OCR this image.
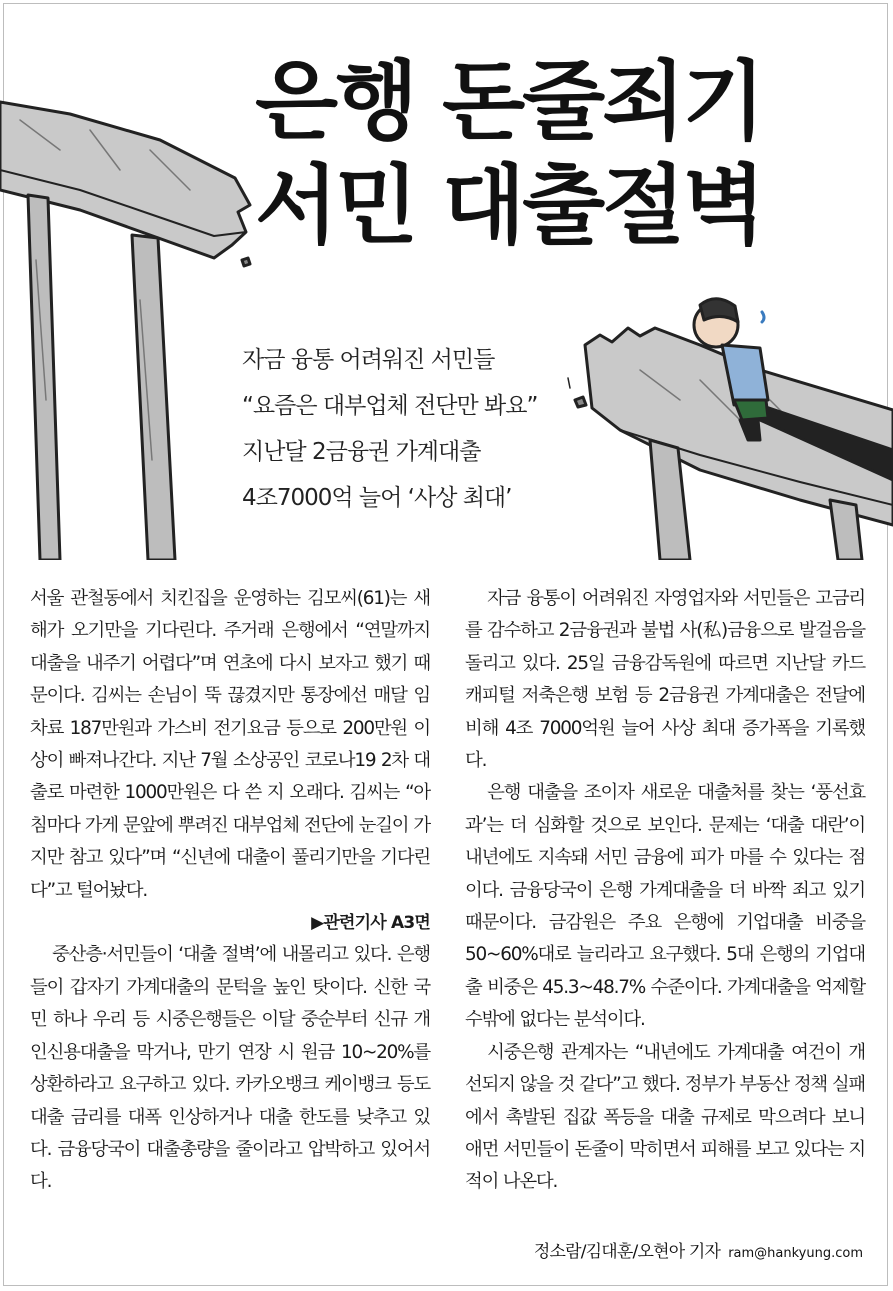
은행 돈줄죄기
서민 대출절벽
자금 융통 어려워진 서민들
“요즘은 대부업체 전단만 봐요”
지난달 2금융권 가계대출
4조7000억 늘어 ‘사상 최대’

서울 관철동에서 치킨집을 운영하는 김모씨(61)는 새해가 오기만을 기다린다. 주거래 은행에서 “연말까지 대출을 내주기 어렵다”며 연초에 다시 보자고 했기 때문이다. 김씨는 손님이 뚝 끊겼지만 통장에선 매달 임차료 187만원과 가스비 전기요금 등으로 200만원 이상이 빠져나간다. 지난 7월 소상공인 코로나19 2차 대출로 마련한 1000만원은 다 쓴 지 오래다. 김씨는 “아침마다 가게 문앞에 뿌려진 대부업체 전단에 눈길이 가지만 참고 있다”며 “신년에 대출이 풀리기만을 기다린다”고 털어놨다.

▶관련기사 A3면

중산층·서민들이 ‘대출 절벽’에 내몰리고 있다. 은행들이 갑자기 가계대출의 문턱을 높인 탓이다. 신한 국민 하나 우리 등 시중은행들은 이달 중순부터 신규 개인신용대출을 막거나, 만기 연장 시 원금 10~20%를 상환하라고 요구하고 있다. 카카오뱅크 케이뱅크 등도 대출 금리를 대폭 인상하거나 대출 한도를 낮추고 있다. 금융당국이 대출총량을 줄이라고 압박하고 있어서다.

자금 융통이 어려워진 자영업자와 서민들은 고금리를 감수하고 2금융권과 불법 사(私)금융으로 발걸음을 돌리고 있다. 25일 금융감독원에 따르면 지난달 카드 캐피털 저축은행 보험 등 2금융권 가계대출은 전달에 비해 4조 7000억원 늘어 사상 최대 증가폭을 기록했다.

은행 대출을 조이자 새로운 대출처를 찾는 ‘풍선효과’는 더 심화할 것으로 보인다. 문제는 ‘대출 대란’이 내년에도 지속돼 서민 금융에 피가 마를 수 있다는 점이다. 금융당국이 은행 가계대출을 더 바짝 죄고 있기 때문이다. 금감원은 주요 은행에 기업대출 비중을 50~60%대로 늘리라고 요구했다. 5대 은행의 기업대출 비중은 45.3~48.7% 수준이다. 가계대출을 억제할 수밖에 없다는 분석이다.

시중은행 관계자는 “내년에도 가계대출 여건이 개선되지 않을 것 같다”고 했다. 정부가 부동산 정책 실패에서 촉발된 집값 폭등을 대출 규제로 막으려다 보니 애먼 서민들이 돈줄이 막히면서 피해를 보고 있다는 지적이 나온다.

정소람/김대훈/오현아 기자 ram@hankyung.com
